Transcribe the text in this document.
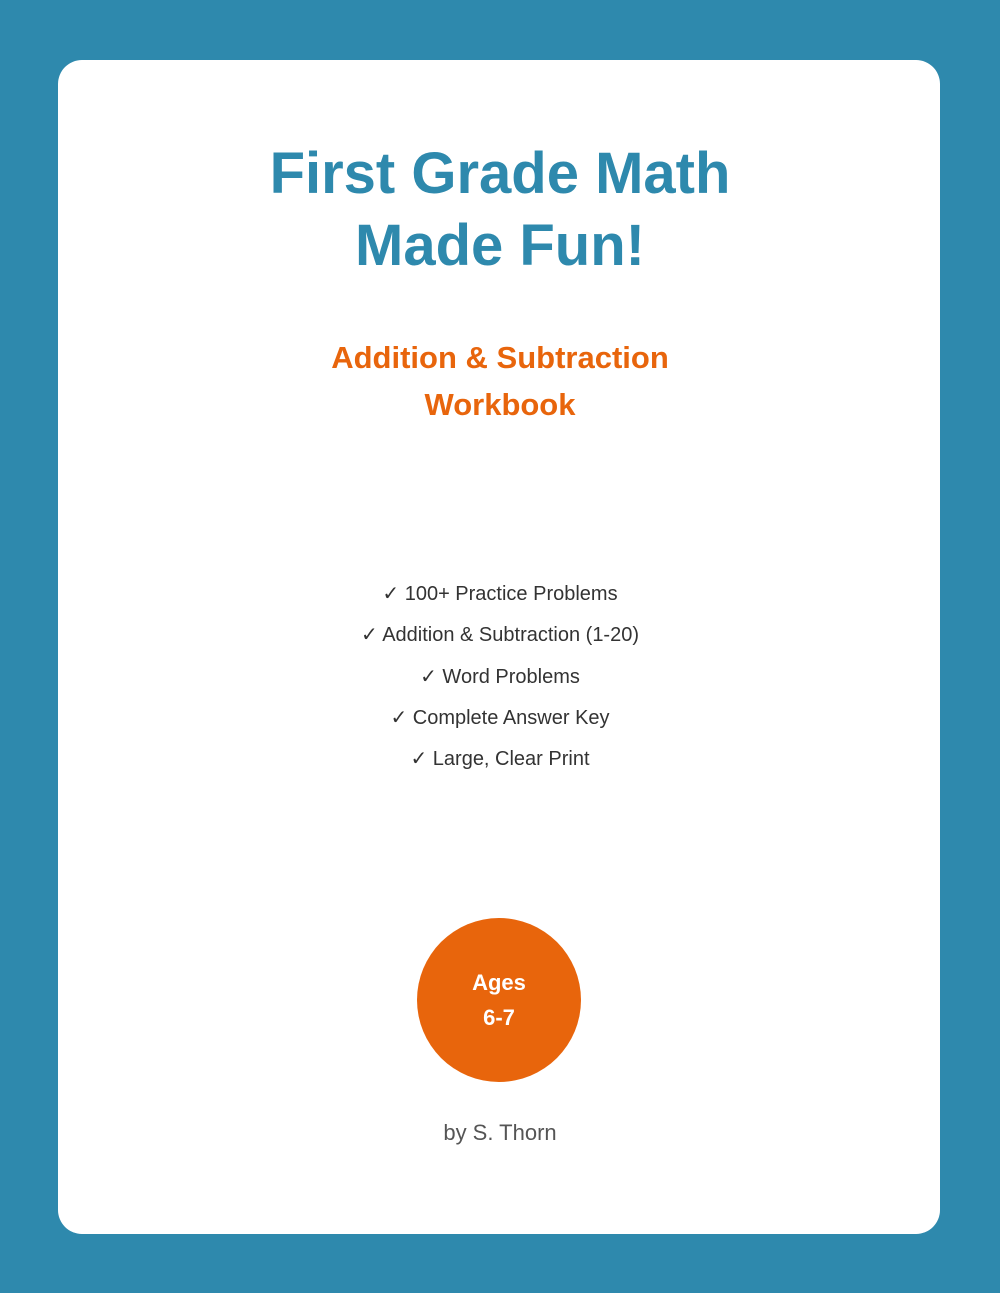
First Grade Math
Made Fun!
Addition & Subtraction
Workbook
✓ 100+ Practice Problems
✓ Addition & Subtraction (1-20)
✓ Word Problems
✓ Complete Answer Key
✓ Large, Clear Print
Ages
6-7
by S. Thorn
